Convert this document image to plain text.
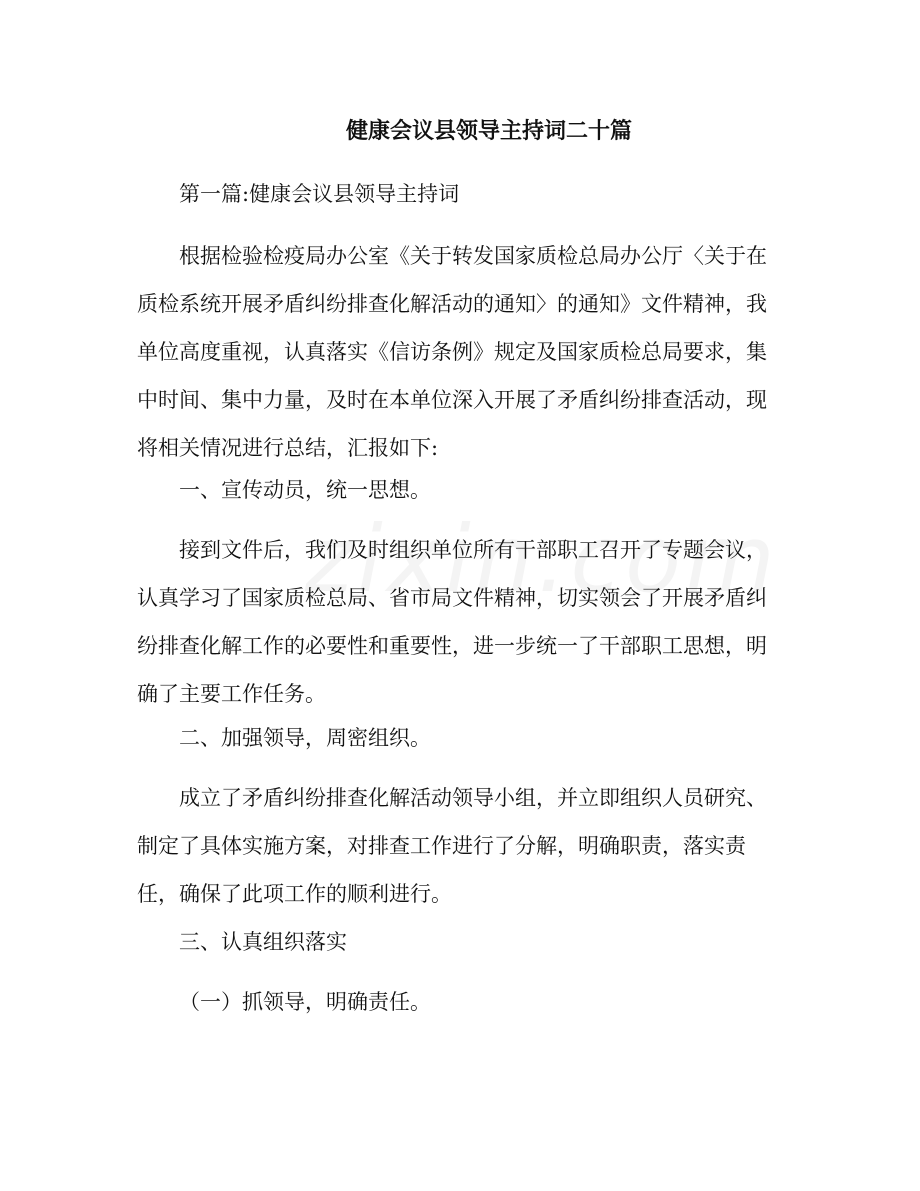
健康会议县领导主持词二十篇

第一篇:健康会议县领导主持词

根据检验检疫局办公室《关于转发国家质检总局办公厅〈关于在质检系统开展矛盾纠纷排查化解活动的通知〉的通知》文件精神，我单位高度重视，认真落实《信访条例》规定及国家质检总局要求，集中时间、集中力量，及时在本单位深入开展了矛盾纠纷排查活动，现将相关情况进行总结，汇报如下:

一、宣传动员，统一思想。

接到文件后，我们及时组织单位所有干部职工召开了专题会议，认真学习了国家质检总局、省市局文件精神，切实领会了开展矛盾纠纷排查化解工作的必要性和重要性，进一步统一了干部职工思想，明确了主要工作任务。

二、加强领导，周密组织。

成立了矛盾纠纷排查化解活动领导小组，并立即组织人员研究、制定了具体实施方案，对排查工作进行了分解，明确职责，落实责任，确保了此项工作的顺利进行。

三、认真组织落实

（一）抓领导，明确责任。
